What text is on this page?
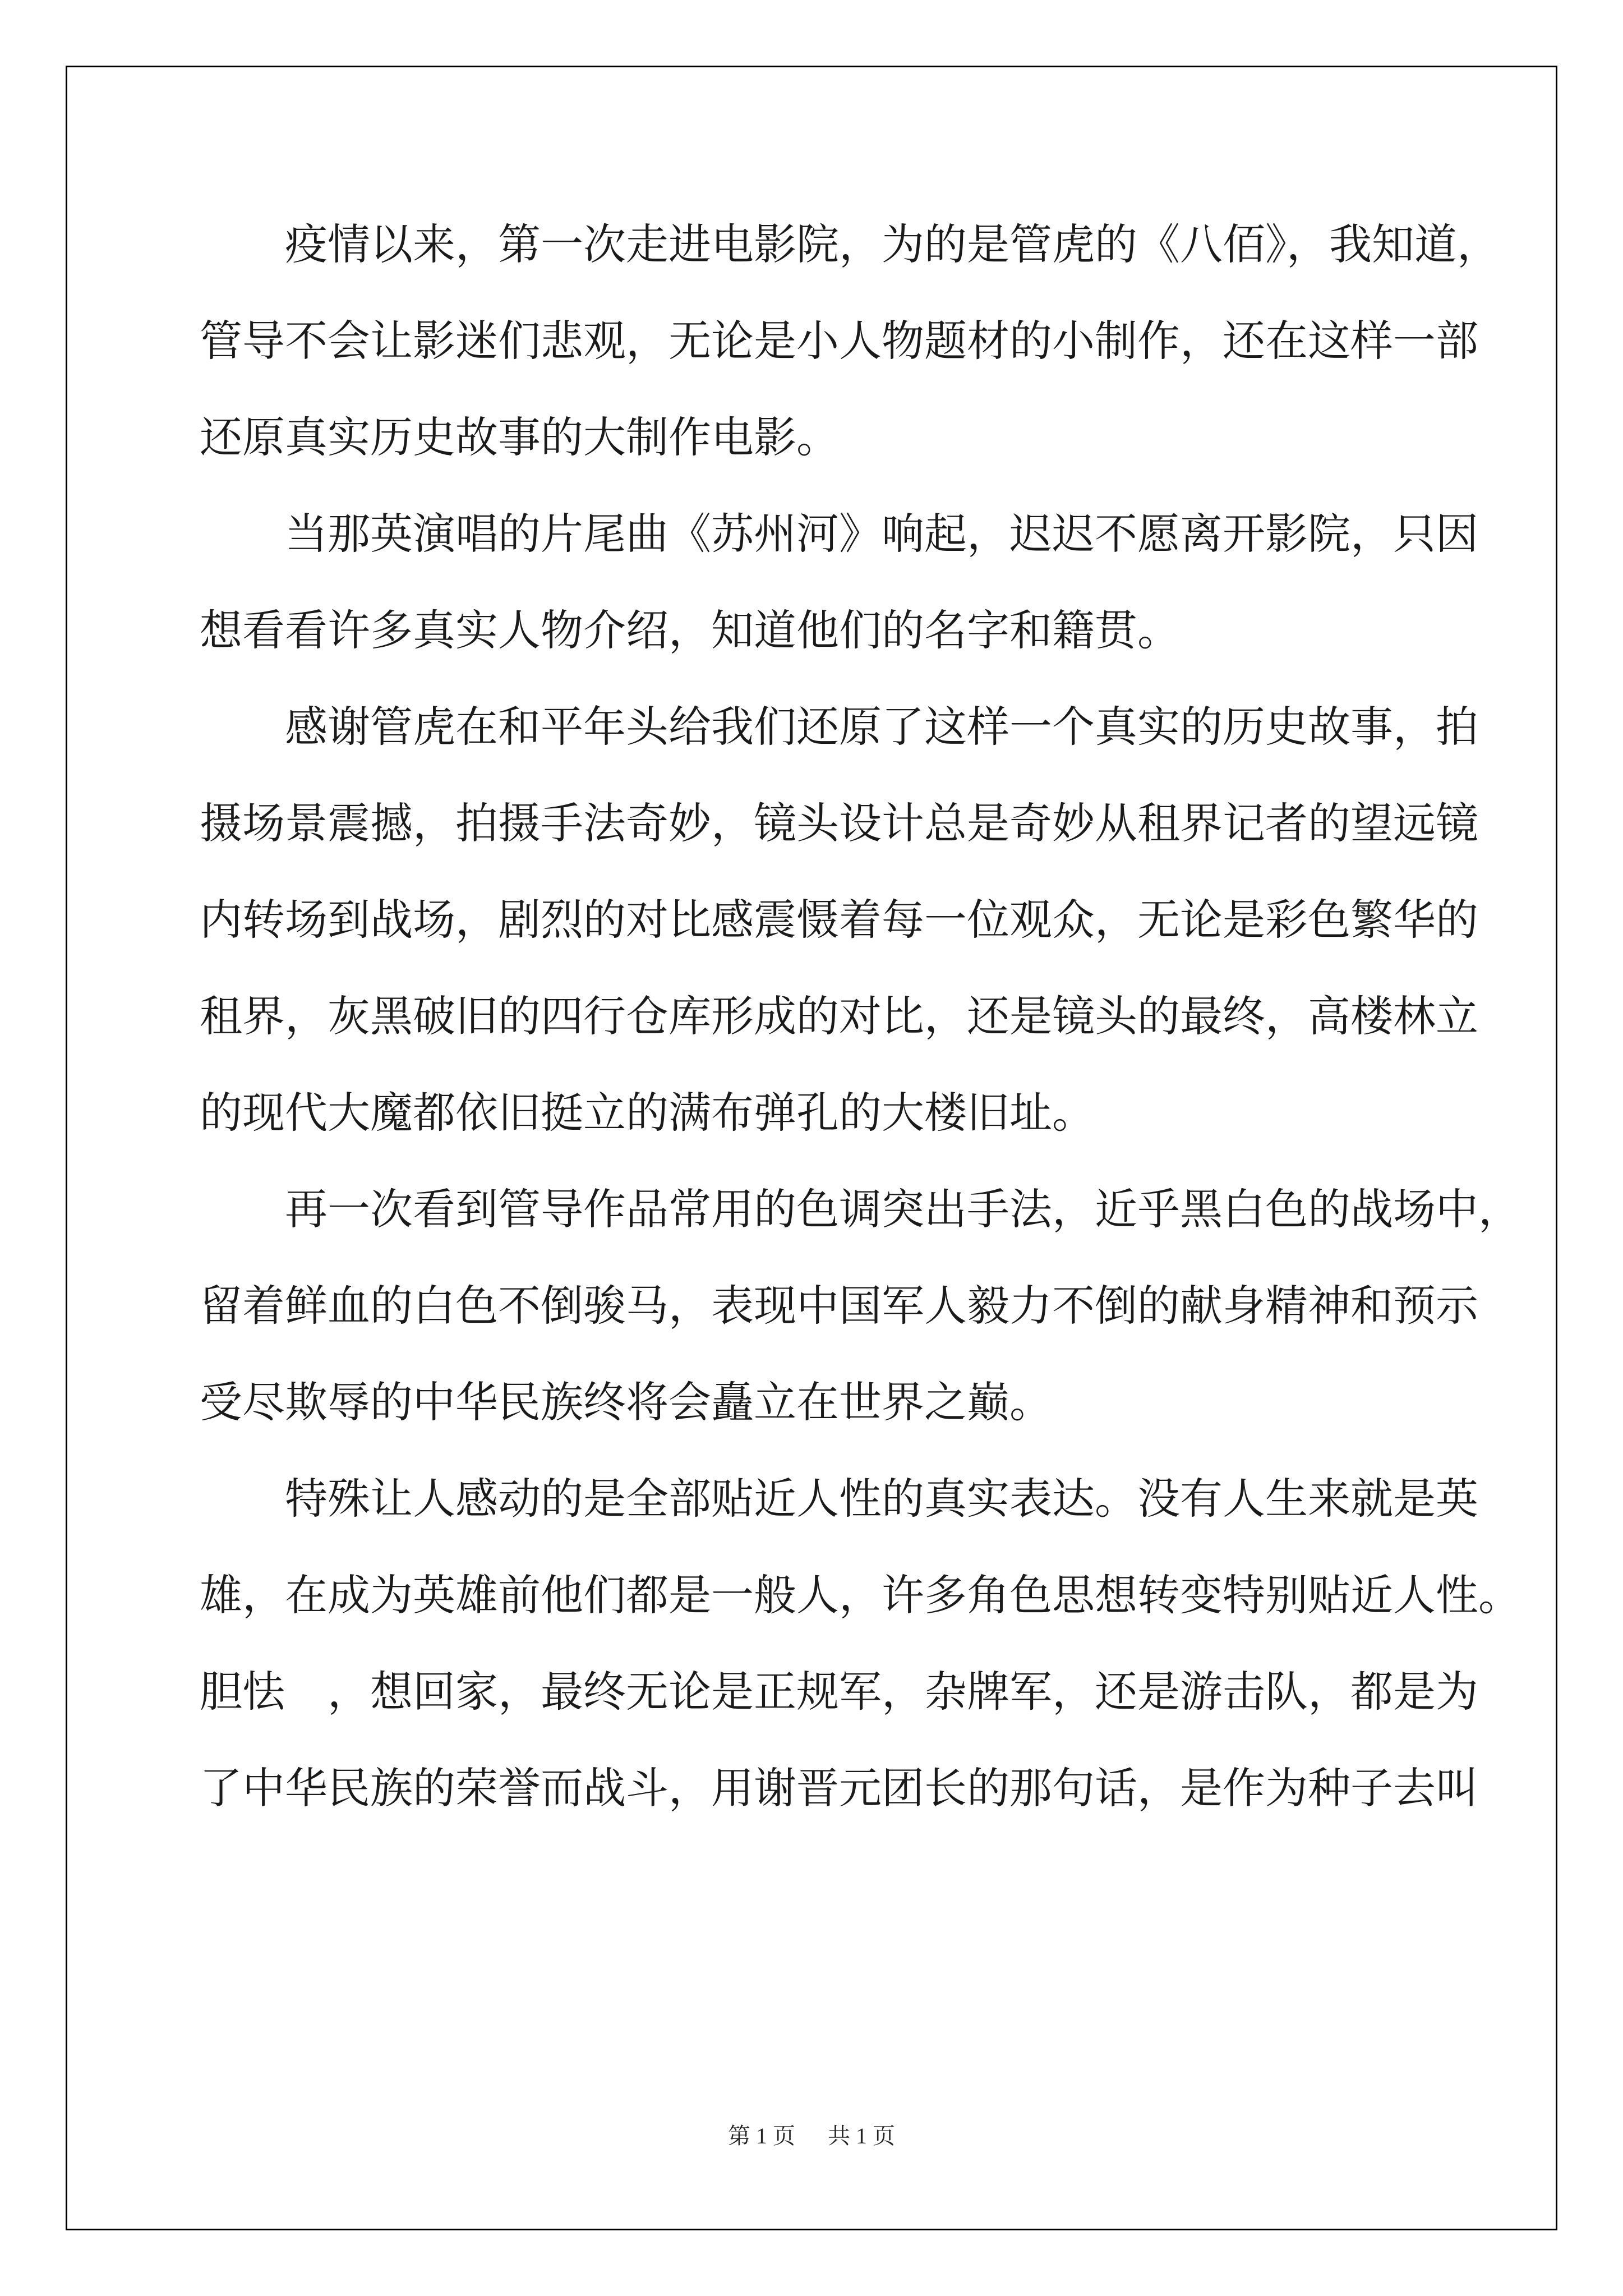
疫情以来，第一次走进电影院，为的是管虎的《八佰》，我知道，
管导不会让影迷们悲观，无论是小人物题材的小制作，还在这样一部
还原真实历史故事的大制作电影。
当那英演唱的片尾曲《苏州河》响起，迟迟不愿离开影院，只因
想看看许多真实人物介绍，知道他们的名字和籍贯。
感谢管虎在和平年头给我们还原了这样一个真实的历史故事，拍
摄场景震撼，拍摄手法奇妙，镜头设计总是奇妙从租界记者的望远镜
内转场到战场，剧烈的对比感震慑着每一位观众，无论是彩色繁华的
租界，灰黑破旧的四行仓库形成的对比，还是镜头的最终，高楼林立
的现代大魔都依旧挺立的满布弹孔的大楼旧址。
再一次看到管导作品常用的色调突出手法，近乎黑白色的战场中，
留着鲜血的白色不倒骏马，表现中国军人毅力不倒的献身精神和预示
受尽欺辱的中华民族终将会矗立在世界之巅。
特殊让人感动的是全部贴近人性的真实表达。没有人生来就是英
雄，在成为英雄前他们都是一般人，许多角色思想转变特别贴近人性。
胆怯　，想回家，最终无论是正规军，杂牌军，还是游击队，都是为
了中华民族的荣誉而战斗，用谢晋元团长的那句话，是作为种子去叫
第 1 页 共 1 页
